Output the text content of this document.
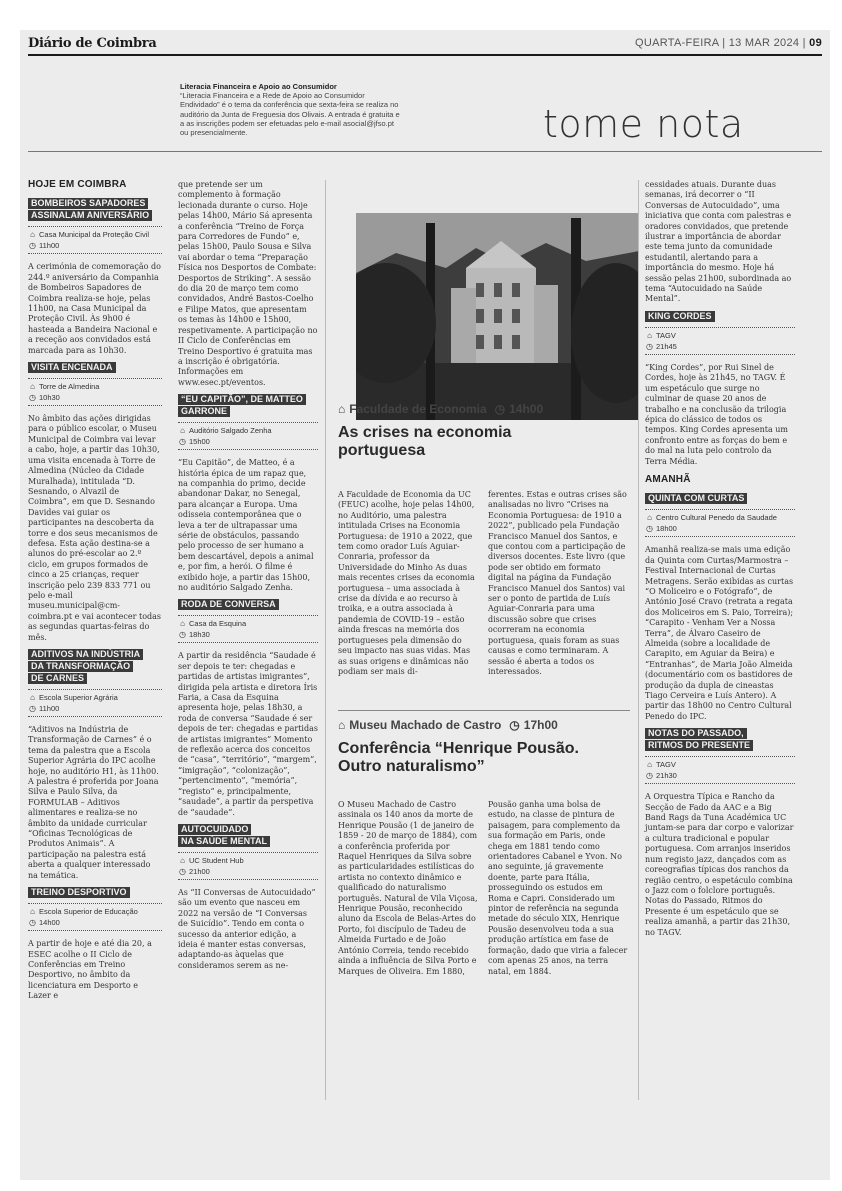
Diário de Coimbra	QUARTA-FEIRA | 13 MAR 2024 | 09
Literacia Financeira e Apoio ao Consumidor
“Literacia Financeira e a Rede de Apoio ao Consumidor Endividado” é o tema da conferência que sexta-feira se realiza no auditório da Junta de Freguesia dos Olivais. A entrada é gratuita e a as inscrições podem ser efetuadas pelo e-mail asocial@jfso.pt ou presencialmente.	tome nota
HOJE EM COIMBRA
BOMBEIROS SAPADORES
ASSINALAM ANIVERSÁRIO
⌂ Casa Municipal da Proteção Civil
◷ 11h00

A cerimónia de comemoração do 244.º aniversário da Companhia de Bombeiros Sapadores de Coimbra realiza-se hoje, pelas 11h00, na Casa Municipal da Proteção Civil. Às 9h00 é hasteada a Bandeira Nacional e a receção aos convidados está marcada para as 10h30.

VISITA ENCENADA
⌂ Torre de Almedina
◷ 10h30

No âmbito das ações dirigidas para o público escolar, o Museu Municipal de Coimbra vai levar a cabo, hoje, a partir das 10h30, uma visita encenada à Torre de Almedina (Núcleo da Cidade Muralhada), intitulada “D. Sesnando, o Alvazil de Coimbra”, em que D. Sesnando Davides vai guiar os participantes na descoberta da torre e dos seus mecanismos de defesa. Esta ação destina-se a alunos do pré-escolar ao 2.º ciclo, em grupos formados de cinco a 25 crianças, requer inscrição pelo 239 833 771 ou pelo e-mail museu.municipal@cm-coimbra.pt e vai acontecer todas as segundas quartas-feiras do mês.

ADITIVOS NA INDÚSTRIA
DA TRANSFORMAÇÃO
DE CARNES
⌂ Escola Superior Agrária
◷ 11h00

“Aditivos na Indústria de Transformação de Carnes” é o tema da palestra que a Escola Superior Agrária do IPC acolhe hoje, no auditório H1, às 11h00. A palestra é proferida por Joana Silva e Paulo Silva, da FORMULAB – Aditivos alimentares e realiza-se no âmbito da unidade curricular “Oficinas Tecnológicas de Produtos Animais”. A participação na palestra está aberta a qualquer interessado na temática.

TREINO DESPORTIVO
⌂ Escola Superior de Educação
◷ 14h00

A partir de hoje e até dia 20, a ESEC acolhe o II Ciclo de Conferências em Treino Desportivo, no âmbito da licenciatura em Desporto e Lazer e

que pretende ser um complemento à formação lecionada durante o curso. Hoje pelas 14h00, Mário Sá apresenta a conferência “Treino de Força para Corredores de Fundo” e, pelas 15h00, Paulo Sousa e Silva vai abordar o tema “Preparação Física nos Desportos de Combate: Desportos de Striking”. A sessão do dia 20 de março tem como convidados, André Bastos-Coelho e Filipe Matos, que apresentam os temas às 14h00 e 15h00, respetivamente. A participação no II Ciclo de Conferências em Treino Desportivo é gratuita mas a inscrição é obrigatória. Informações em www.esec.pt/eventos.

“EU CAPITÃO”, DE MATTEO
GARRONE
⌂ Auditório Salgado Zenha
◷ 15h00

“Eu Capitão”, de Matteo, é a história épica de um rapaz que, na companhia do primo, decide abandonar Dakar, no Senegal, para alcançar a Europa. Uma odisseia contemporânea que o leva a ter de ultrapassar uma série de obstáculos, passando pelo processo de ser humano a bem descartável, depois a animal e, por fim, a herói. O filme é exibido hoje, a partir das 15h00, no auditório Salgado Zenha.

RODA DE CONVERSA
⌂ Casa da Esquina
◷ 18h30

A partir da residência “Saudade é ser depois te ter: chegadas e partidas de artistas imigrantes”, dirigida pela artista e diretora Íris Faria, a Casa da Esquina apresenta hoje, pelas 18h30, a roda de conversa “Saudade é ser depois de ter: chegadas e partidas de artistas imigrantes” Momento de reflexão acerca dos conceitos de “casa”, “território”, “margem”, “imigração”, “colonização”, “pertencimento”, “memória”, “registo” e, principalmente, “saudade”, a partir da perspetiva de “saudade”.

AUTOCUIDADO
NA SAÚDE MENTAL
⌂ UC Student Hub
◷ 21h00

As “II Conversas de Autocuidado” são um evento que nasceu em 2022 na versão de “I Conversas de Suicídio”. Tendo em conta o sucesso da anterior edição, a ideia é manter estas conversas, adaptando-as àquelas que consideramos serem as ne-

⌂ Faculdade de Economia ◷ 14h00
As crises na economia
portuguesa

A Faculdade de Economia da UC (FEUC) acolhe, hoje pelas 14h00, no Auditório, uma palestra intitulada Crises na Economia Portuguesa: de 1910 a 2022, que tem como orador Luís Aguiar-Conraria, professor da Universidade do Minho As duas mais recentes crises da economia portuguesa – uma associada à crise da dívida e ao recurso à troika, e a outra associada à pandemia de COVID-19 – estão ainda frescas na memória dos portugueses pela dimensão do seu impacto nas suas vidas. Mas as suas origens e dinâmicas não podiam ser mais di-

ferentes. Estas e outras crises são analisadas no livro “Crises na Economia Portuguesa: de 1910 a 2022”, publicado pela Fundação Francisco Manuel dos Santos, e que contou com a participação de diversos docentes. Este livro (que pode ser obtido em formato digital na página da Fundação Francisco Manuel dos Santos) vai ser o ponto de partida de Luís Aguiar-Conraria para uma discussão sobre que crises ocorreram na economia portuguesa, quais foram as suas causas e como terminaram. A sessão é aberta a todos os interessados.

⌂ Museu Machado de Castro ◷ 17h00
Conferência “Henrique Pousão.
Outro naturalismo”

O Museu Machado de Castro assinala os 140 anos da morte de Henrique Pousão (1 de janeiro de 1859 - 20 de março de 1884), com a conferência proferida por Raquel Henriques da Silva sobre as particularidades estilísticas do artista no contexto dinâmico e qualificado do naturalismo português. Natural de Vila Viçosa, Henrique Pousão, reconhecido aluno da Escola de Belas-Artes do Porto, foi discípulo de Tadeu de Almeida Furtado e de João António Correia, tendo recebido ainda a influência de Silva Porto e Marques de Oliveira. Em 1880,

Pousão ganha uma bolsa de estudo, na classe de pintura de paisagem, para complemento da sua formação em Paris, onde chega em 1881 tendo como orientadores Cabanel e Yvon. No ano seguinte, já gravemente doente, parte para Itália, prosseguindo os estudos em Roma e Capri. Considerado um pintor de referência na segunda metade do século XIX, Henrique Pousão desenvolveu toda a sua produção artística em fase de formação, dado que viria a falecer com apenas 25 anos, na terra natal, em 1884.

cessidades atuais. Durante duas semanas, irá decorrer o “II Conversas de Autocuidado”, uma iniciativa que conta com palestras e oradores convidados, que pretende ilustrar a importância de abordar este tema junto da comunidade estudantil, alertando para a importância do mesmo. Hoje há sessão pelas 21h00, subordinada ao tema “Autocuidado na Saúde Mental”.

KING CORDES
⌂ TAGV
◷ 21h45

“King Cordes”, por Rui Sinel de Cordes, hoje às 21h45, no TAGV. É um espetáculo que surge no culminar de quase 20 anos de trabalho e na conclusão da trilogia épica do clássico de todos os tempos. King Cordes apresenta um confronto entre as forças do bem e do mal na luta pelo controlo da Terra Média.

AMANHÃ
QUINTA COM CURTAS
⌂ Centro Cultural Penedo da Saudade
◷ 18h00

Amanhã realiza-se mais uma edição da Quinta com Curtas/Marmostra – Festival Internacional de Curtas Metragens. Serão exibidas as curtas “O Moliceiro e o Fotógrafo”, de António José Cravo (retrata a regata dos Moliceiros em S. Paio, Torreira); “Carapito - Venham Ver a Nossa Terra”, de Álvaro Caseiro de Almeida (sobre a localidade de Carapito, em Aguiar da Beira) e “Entranhas”, de Maria João Almeida (documentário com os bastidores de produção da dupla de cineastas Tiago Cerveira e Luís Antero). A partir das 18h00 no Centro Cultural Penedo do IPC.

NOTAS DO PASSADO,
RITMOS DO PRESENTE
⌂ TAGV
◷ 21h30

A Orquestra Típica e Rancho da Secção de Fado da AAC e a Big Band Rags da Tuna Académica UC juntam-se para dar corpo e valorizar a cultura tradicional e popular portuguesa. Com arranjos inseridos num registo jazz, dançados com as coreografias típicas dos ranchos da região centro, o espetáculo combina o Jazz com o folclore português. Notas do Passado, Ritmos do Presente é um espetáculo que se realiza amanhã, a partir das 21h30, no TAGV.
